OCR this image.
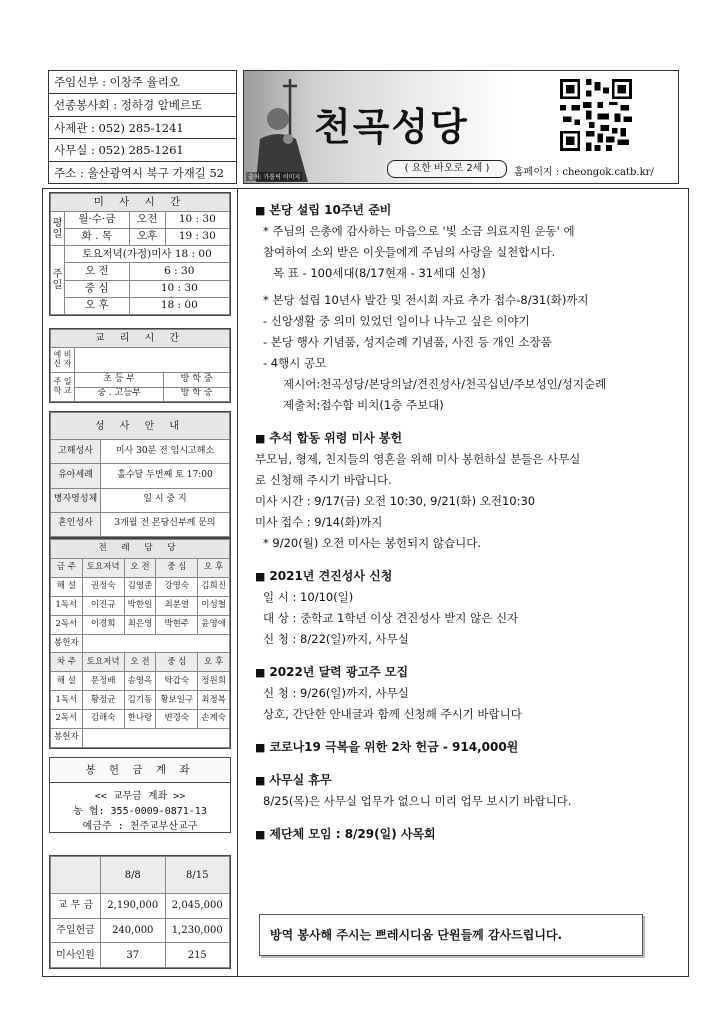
주임신부 : 이창주 율리오
선종봉사회 : 정하경 알베르또
사제관 : 052) 285-1241
사무실 : 052) 285-1261
주소 : 울산광역시 북구 가재길 52
천곡성당
( 요한 바오로 2세 )
출처: 가톨릭 이미지	홈페이지 : cheongok.catb.kr/
미 사 시 간			
평일	월·수·금	오전	10 : 30
	화 . 목	오후	19 : 30
주일	토요저녁(가정)미사 18 : 00		
	오 전	6 : 30	
	중 심	10 : 30	
	오 후	18 : 00	
교 리 시 간		
예 비 신 자		
주 일 학 교	초 등 부	방 학 중
	중 . 고등부	방 학 중
성 사 안 내	
고해성사	미사 30분 전 임시고해소
유아세례	홀수달 두번째 토 17:00
병자영성체	일 시 중 지
혼인성사	3개월 전 본당신부께 문의
전 례 담 당				
금 주	토요저녁	오 전	중 심	오 후
해 설	권정숙	김영준	강명숙	김희진
1독서	이진규	박한일	최분열	이성철
2독서	이경희	최은영	박현주	윤영애
봉헌자				
차 주	토요저녁	오 전	중 심	오 후
해 설	문정배	송영옥	탁갑숙	정원희
1독서	황정균	김기동	황보일구	최정복
2독서	김해숙	한나랑	변경숙	손계숙
봉헌자				
봉 헌 금 계 좌
<< 교무금 계좌 >>
농 협: 355-0009-0871-13
예금주 : 천주교부산교구
	8/8	8/15
교 무 금	2,190,000	2,045,000
주일헌금	240,000	1,230,000
미사인원	37	215
■ 본당 설립 10주년 준비
* 주님의 은총에 감사하는 마음으로 '빛 소금 의료지원 운동' 에
참여하여 소외 받은 이웃들에게 주님의 사랑을 실천합시다.
목 표 - 100세대(8/17현재 - 31세대 신청)
* 본당 설립 10년사 발간 및 전시회 자료 추가 접수-8/31(화)까지
- 신앙생활 중 의미 있었던 일이나 나누고 싶은 이야기
- 본당 행사 기념품, 성지순례 기념품, 사진 등 개인 소장품
- 4행시 공모
제시어:천곡성당/본당의날/견진성사/천곡십년/주보성인/성지순례
제출처:접수함 비치(1층 주보대)
■ 추석 합동 위령 미사 봉헌
부모님, 형제, 친지들의 영혼을 위해 미사 봉헌하실 분들은 사무실
로 신청해 주시기 바랍니다.
미사 시간 : 9/17(금) 오전 10:30, 9/21(화) 오전10:30
미사 접수 : 9/14(화)까지
* 9/20(월) 오전 미사는 봉헌되지 않습니다.
■ 2021년 견진성사 신청
일 시 : 10/10(일)
대 상 : 중학교 1학년 이상 견진성사 받지 않은 신자
신 청 : 8/22(일)까지, 사무실
■ 2022년 달력 광고주 모집
신 청 : 9/26(일)까지, 사무실
상호, 간단한 안내글과 함께 신청해 주시기 바랍니다
■ 코로나19 극복을 위한 2차 헌금 - 914,000원
■ 사무실 휴무
8/25(목)은 사무실 업무가 없으니 미리 업무 보시기 바랍니다.
■ 제단체 모임 : 8/29(일) 사목회
방역 봉사해 주시는 쁘레시디움 단원들께 감사드립니다.
